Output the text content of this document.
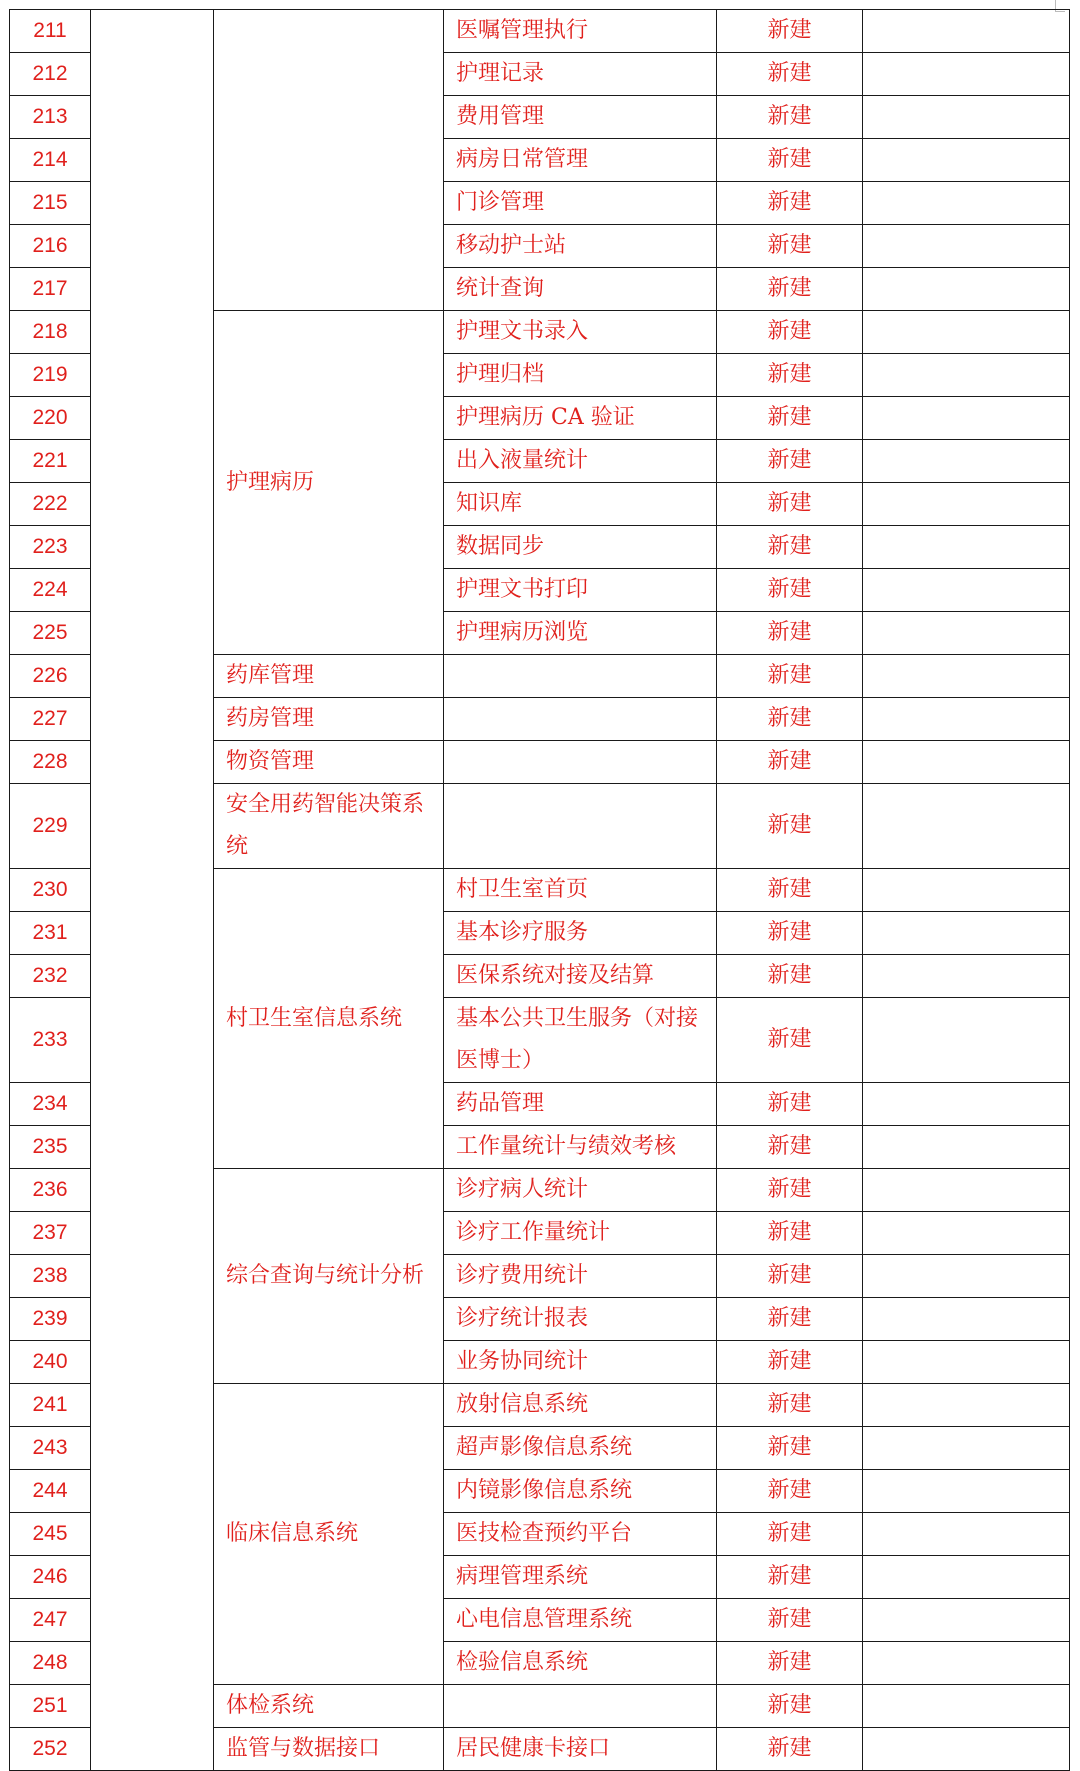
211			医嘱管理执行	新建	
212			护理记录	新建	
213			费用管理	新建	
214			病房日常管理	新建	
215			门诊管理	新建	
216			移动护士站	新建	
217			统计查询	新建	
218		护理病历	护理文书录入	新建	
219			护理归档	新建	
220			护理病历 CA 验证	新建	
221			出入液量统计	新建	
222			知识库	新建	
223			数据同步	新建	
224			护理文书打印	新建	
225			护理病历浏览	新建	
226		药库管理		新建	
227		药房管理		新建	
228		物资管理		新建	
229		安全用药智能决策系统		新建	
230		村卫生室信息系统	村卫生室首页	新建	
231			基本诊疗服务	新建	
232			医保系统对接及结算	新建	
233			基本公共卫生服务（对接医博士）	新建	
234			药品管理	新建	
235			工作量统计与绩效考核	新建	
236		综合查询与统计分析	诊疗病人统计	新建	
237			诊疗工作量统计	新建	
238			诊疗费用统计	新建	
239			诊疗统计报表	新建	
240			业务协同统计	新建	
241		临床信息系统	放射信息系统	新建	
243			超声影像信息系统	新建	
244			内镜影像信息系统	新建	
245			医技检查预约平台	新建	
246			病理管理系统	新建	
247			心电信息管理系统	新建	
248			检验信息系统	新建	
251		体检系统		新建	
252		监管与数据接口	居民健康卡接口	新建	
